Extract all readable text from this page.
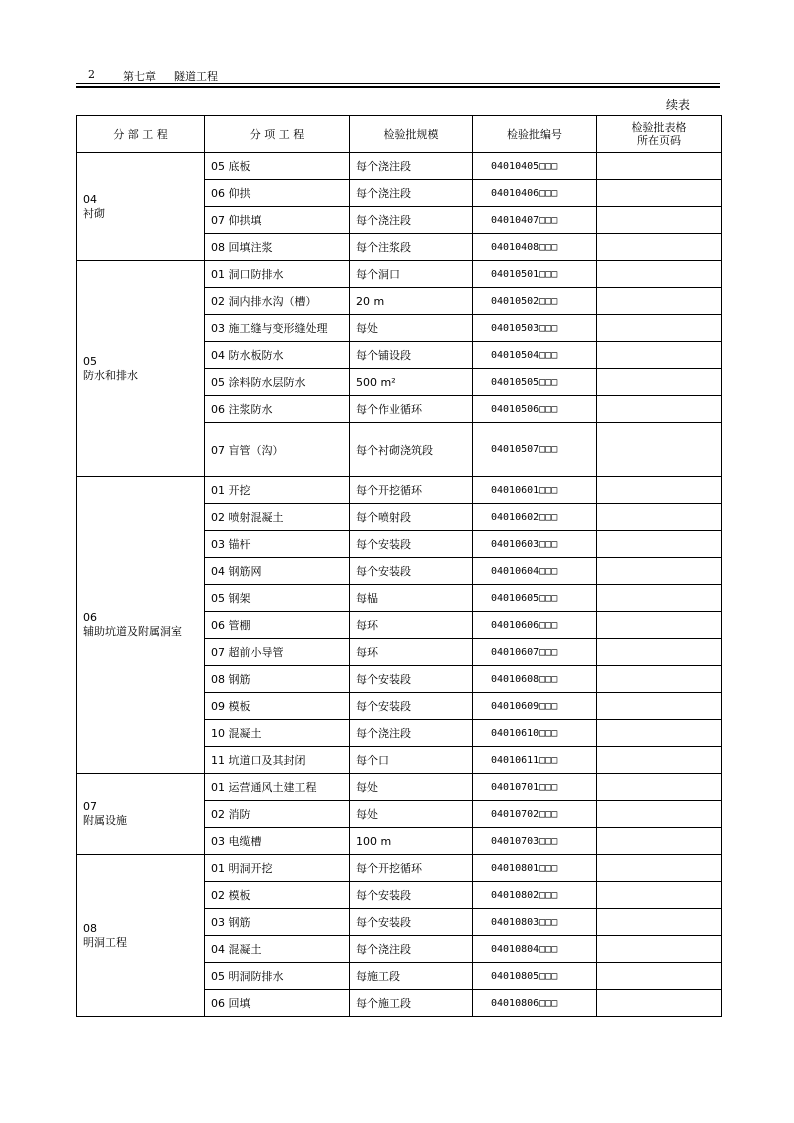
2	第七章 隧道工程
续表
分 部 工 程	分 项 工 程	检验批规模	检验批编号	检验批表格
所在页码

04
衬砌	05 底板	每个浇注段	04010405□□□	
	06 仰拱	每个浇注段	04010406□□□	
	07 仰拱填	每个浇注段	04010407□□□	
	08 回填注浆	每个注浆段	04010408□□□	

05
防水和排水	01 洞口防排水	每个洞口	04010501□□□	
	02 洞内排水沟（槽）	20 m	04010502□□□	
	03 施工缝与变形缝处理	每处	04010503□□□	
	04 防水板防水	每个铺设段	04010504□□□	
	05 涂料防水层防水	500 m²	04010505□□□	
	06 注浆防水	每个作业循环	04010506□□□	
	07 盲管（沟）	每个衬砌浇筑段	04010507□□□	

06
辅助坑道及附属洞室	01 开挖	每个开挖循环	04010601□□□	
	02 喷射混凝土	每个喷射段	04010602□□□	
	03 锚杆	每个安装段	04010603□□□	
	04 钢筋网	每个安装段	04010604□□□	
	05 钢架	每榀	04010605□□□	
	06 管棚	每环	04010606□□□	
	07 超前小导管	每环	04010607□□□	
	08 钢筋	每个安装段	04010608□□□	
	09 模板	每个安装段	04010609□□□	
	10 混凝土	每个浇注段	04010610□□□	
	11 坑道口及其封闭	每个口	04010611□□□	

07
附属设施	01 运营通风土建工程	每处	04010701□□□	
	02 消防	每处	04010702□□□	
	03 电缆槽	100 m	04010703□□□	

08
明洞工程	01 明洞开挖	每个开挖循环	04010801□□□	
	02 模板	每个安装段	04010802□□□	
	03 钢筋	每个安装段	04010803□□□	
	04 混凝土	每个浇注段	04010804□□□	
	05 明洞防排水	每施工段	04010805□□□	
	06 回填	每个施工段	04010806□□□	
